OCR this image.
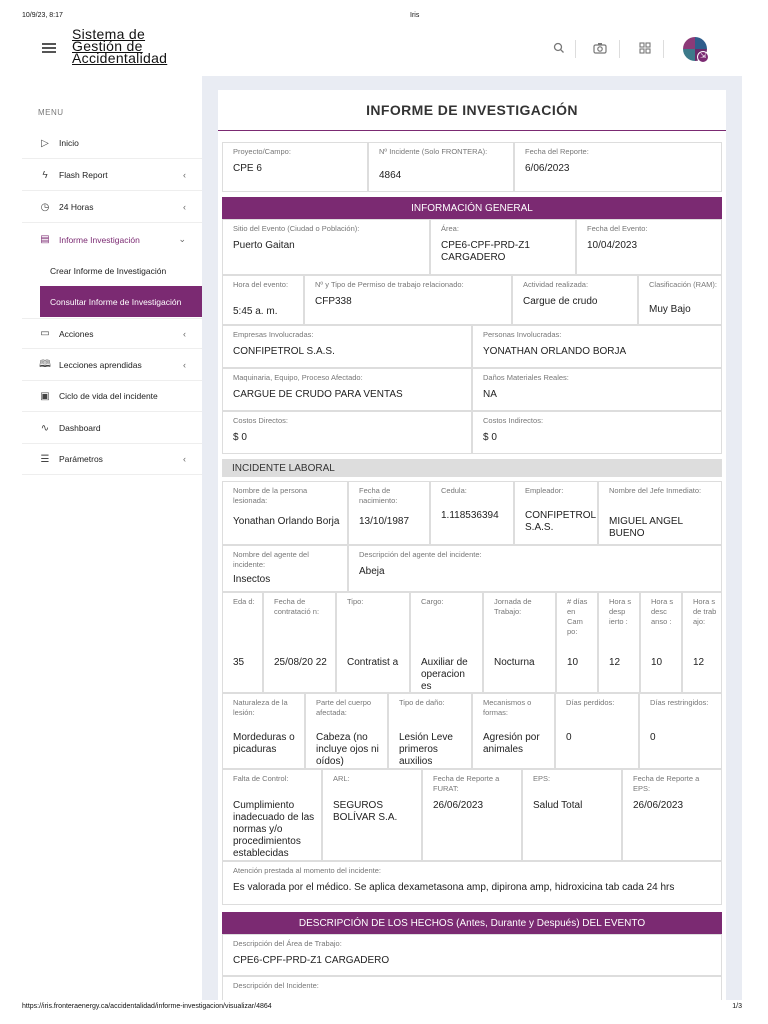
10/9/23, 8:17	Iris
https://iris.fronteraenergy.ca/accidentalidad/informe-investigacion/visualizar/4864	1/3
Sistema de
Gestión de
Accidentalidad	⇲
MENU
▷	Inicio
ϟ	Flash Report	‹
◷	24 Horas	‹
▤ Informe Investigación	⌄
Crear Informe de Investigación
Consultar Informe de Investigación
▭ Acciones	‹
🕮 Lecciones aprendidas	‹
▣ Ciclo de vida del incidente
∿	Dashboard
☰ Parámetros	‹
INFORME DE INVESTIGACIÓN
Proyecto/Campo:
CPE 6
Nº Incidente (Solo FRONTERA):
4864
Fecha del Reporte:
6/06/2023
INFORMACIÓN GENERAL
Sitio del Evento (Ciudad o Población):
Puerto Gaitan
Área:
CPE6-CPF-PRD-Z1 CARGADERO
Fecha del Evento:
10/04/2023
Hora del evento:
5:45 a. m.
Nº y Tipo de Permiso de trabajo relacionado:
CFP338
Actividad realizada:
Cargue de crudo
Clasificación (RAM):
Muy Bajo
Empresas Involucradas:
CONFIPETROL S.A.S.
Personas Involucradas:
YONATHAN ORLANDO BORJA
Maquinaria, Equipo, Proceso Afectado:
CARGUE DE CRUDO PARA VENTAS
Daños Materiales Reales:
NA
Costos Directos:
$ 0
Costos Indirectos:
$ 0
INCIDENTE LABORAL
Nombre de la persona lesionada:
Yonathan Orlando Borja
Fecha de nacimiento:
13/10/1987
Cedula:
1.118536394
Empleador:
CONFIPETROL S.A.S.
Nombre del Jefe Inmediato:
MIGUEL ANGEL BUENO
Nombre del agente del incidente:
Insectos
Descripción del agente del incidente:
Abeja
Eda d:
35
Fecha de contratació n:
25/08/20 22
Tipo:
Contratist a
Cargo:
Auxiliar de operacion es
Jornada de Trabajo:
Nocturna
# días en Cam po:
10
Hora s desp ierto :
12
Hora s desc anso :
10
Hora s de trab ajo:
12
Naturaleza de la lesión:
Mordeduras o picaduras
Parte del cuerpo afectada:
Cabeza (no incluye ojos ni oídos)
Tipo de daño:
Lesión Leve primeros auxilios
Mecanismos o formas:
Agresión por animales
Días perdidos:
0
Días restringidos:
0
Falta de Control:
Cumplimiento inadecuado de las normas y/o procedimientos establecidas
ARL:
SEGUROS BOLÍVAR S.A.
Fecha de Reporte a FURAT:
26/06/2023
EPS:
Salud Total
Fecha de Reporte a EPS:
26/06/2023
Atención prestada al momento del incidente:
Es valorada por el médico. Se aplica dexametasona amp, dipirona amp, hidroxicina tab cada 24 hrs
DESCRIPCIÓN DE LOS HECHOS (Antes, Durante y Después) DEL EVENTO
Descripción del Área de Trabajo:
CPE6-CPF-PRD-Z1 CARGADERO
Descripción del Incidente:
